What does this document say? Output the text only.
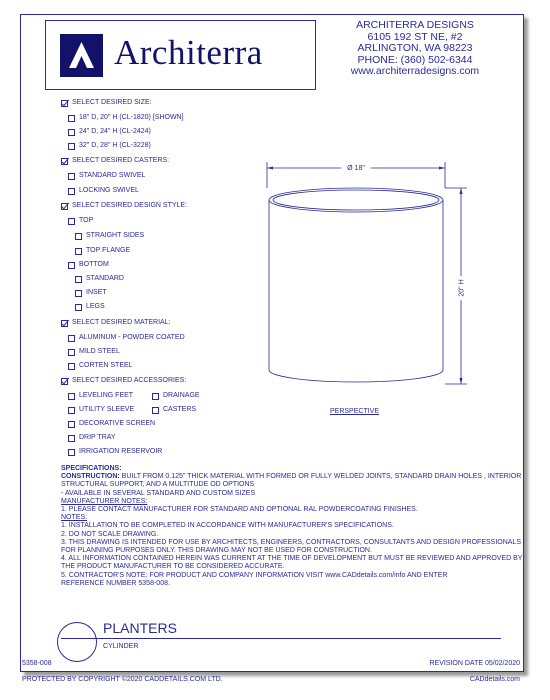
Architerra
ARCHITERRA DESIGNS
6105 192 ST NE, #2
ARLINGTON, WA 98223
PHONE: (360) 502-6344
www.architerradesigns.com
SELECT DESIRED SIZE:
18" D, 20" H (CL-1820) [SHOWN]
24" D, 24" H (CL-2424)
32" D, 28" H (CL-3228)
SELECT DESIRED CASTERS:
STANDARD SWIVEL
LOCKING SWIVEL
SELECT DESIRED DESIGN STYLE:
TOP
STRAIGHT SIDES
TOP FLANGE
BOTTOM
STANDARD
INSET
LEGS
SELECT DESIRED MATERIAL:
ALUMINUM - POWDER COATED
MILD STEEL
CORTEN STEEL
SELECT DESIRED ACCESSORIES:
LEVELING FEET
UTILITY SLEEVE
DECORATIVE SCREEN
DRIP TRAY
IRRIGATION RESERVOIR
DRAINAGE
CASTERS
Ø 18"
20" H
PERSPECTIVE
SPECIFICATIONS:
CONSTRUCTION: BUILT FROM 0.125" THICK MATERIAL WITH FORMED OR FULLY WELDED JOINTS, STANDARD DRAIN HOLES , INTERIOR
STRUCTURAL SUPPORT, AND A MULTITUDE OD OPTIONS
- AVAILABLE IN SEVERAL STANDARD AND CUSTOM SIZES
MANUFACTURER NOTES:
1. PLEASE CONTACT MANUFACTURER FOR STANDARD AND OPTIONAL RAL POWDERCOATING FINISHES.
NOTES:
1. INSTALLATION TO BE COMPLETED IN ACCORDANCE WITH MANUFACTURER'S SPECIFICATIONS.
2. DO NOT SCALE DRAWING.
3. THIS DRAWING IS INTENDED FOR USE BY ARCHITECTS, ENGINEERS, CONTRACTORS, CONSULTANTS AND DESIGN PROFESSIONALS
FOR PLANNING PURPOSES ONLY. THIS DRAWING MAY NOT BE USED FOR CONSTRUCTION.
4. ALL INFORMATION CONTAINED HEREIN WAS CURRENT AT THE TIME OF DEVELOPMENT BUT MUST BE REVIEWED AND APPROVED BY
THE PRODUCT MANUFACTURER TO BE CONSIDERED ACCURATE.
5. CONTRACTOR'S NOTE: FOR PRODUCT AND COMPANY INFORMATION VISIT www.CADdetails.com/info AND ENTER
REFERENCE NUMBER 5358-008.
PLANTERS
CYLINDER
5358-008	REVISION DATE 05/02/2020
PROTECTED BY COPYRIGHT ©2020 CADDETAILS.COM LTD.	CADdetails.com
